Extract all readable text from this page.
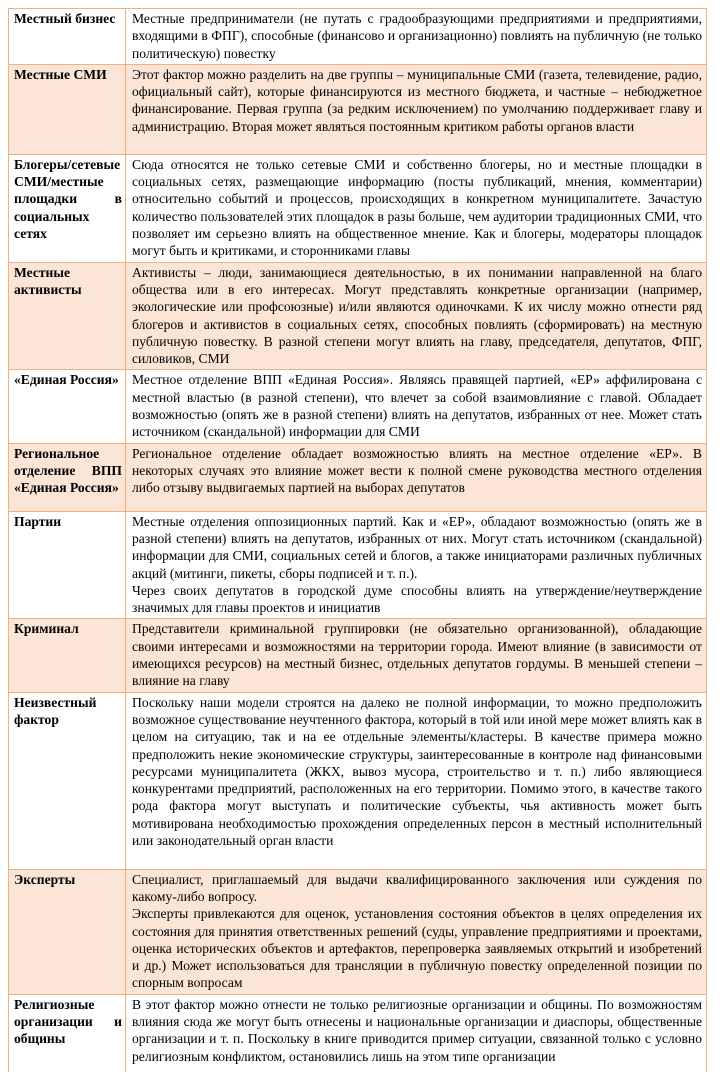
Местный бизнес	Местные предприниматели (не путать с градообразующими предприятиями и предприятиями, входящими в ФПГ), способные (финансово и организационно) повлиять на публичную (не только политическую) повестку

Местные СМИ	Этот фактор можно разделить на две группы – муниципальные СМИ (газета, телевидение, радио, официальный сайт), которые финансируются из местного бюджета, и частные – небюджетное финансирование. Первая группа (за редким исключением) по умолчанию поддерживает главу и администрацию. Вторая может являться постоянным критиком работы органов власти

Блогеры/сетевые СМИ/местные площадки в социальных сетях	Сюда относятся не только сетевые СМИ и собственно блогеры, но и местные площадки в социальных сетях, размещающие информацию (посты публикаций, мнения, комментарии) относительно событий и процессов, происходящих в конкретном муниципалитете. Зачастую количество пользователей этих площадок в разы больше, чем аудитории традиционных СМИ, что позволяет им серьезно влиять на общественное мнение. Как и блогеры, модераторы площадок могут быть и критиками, и сторонниками главы

Местные активисты	Активисты – люди, занимающиеся деятельностью, в их понимании направленной на благо общества или в его интересах. Могут представлять конкретные организации (например, экологические или профсоюзные) и/или являются одиночками. К их числу можно отнести ряд блогеров и активистов в социальных сетях, способных повлиять (сформировать) на местную публичную повестку. В разной степени могут влиять на главу, председателя, депутатов, ФПГ, силовиков, СМИ

«Единая Россия»	Местное отделение ВПП «Единая Россия». Являясь правящей партией, «ЕР» аффилирована с местной властью (в разной степени), что влечет за собой взаимовлияние с главой. Обладает возможностью (опять же в разной степени) влиять на депутатов, избранных от нее. Может стать источником (скандальной) информации для СМИ

Региональное отделение ВПП «Единая Россия»	Региональное отделение обладает возможностью влиять на местное отделение «ЕР». В некоторых случаях это влияние может вести к полной смене руководства местного отделения либо отзыву выдвигаемых партией на выборах депутатов

Партии	Местные отделения оппозиционных партий. Как и «ЕР», обладают возможностью (опять же в разной степени) влиять на депутатов, избранных от них. Могут стать источником (скандальной) информации для СМИ, социальных сетей и блогов, а также инициаторами различных публичных акций (митинги, пикеты, сборы подписей и т. п.).
Через своих депутатов в городской думе способны влиять на утверждение/неутверждение значимых для главы проектов и инициатив

Криминал	Представители криминальной группировки (не обязательно организованной), обладающие своими интересами и возможностями на территории города. Имеют влияние (в зависимости от имеющихся ресурсов) на местный бизнес, отдельных депутатов гордумы. В меньшей степени – влияние на главу

Неизвестный фактор	Поскольку наши модели строятся на далеко не полной информации, то можно предположить возможное существование неучтенного фактора, который в той или иной мере может влиять как в целом на ситуацию, так и на ее отдельные элементы/кластеры. В качестве примера можно предположить некие экономические структуры, заинтересованные в контроле над финансовыми ресурсами муниципалитета (ЖКХ, вывоз мусора, строительство и т. п.) либо являющиеся конкурентами предприятий, расположенных на его территории. Помимо этого, в качестве такого рода фактора могут выступать и политические субъекты, чья активность может быть мотивирована необходимостью прохождения определенных персон в местный исполнительный или законодательный орган власти

Эксперты	Специалист, приглашаемый для выдачи квалифицированного заключения или суждения по какому-либо вопросу.
Эксперты привлекаются для оценок, установления состояния объектов в целях определения их состояния для принятия ответственных решений (суды, управление предприятиями и проектами, оценка исторических объектов и артефактов, перепроверка заявляемых открытий и изобретений и др.) Может использоваться для трансляции в публичную повестку определенной позиции по спорным вопросам

Религиозные организации и общины	В этот фактор можно отнести не только религиозные организации и общины. По возможностям влияния сюда же могут быть отнесены и национальные организации и диаспоры, общественные организации и т. п. Поскольку в книге приводится пример ситуации, связанной только с условно религиозным конфликтом, остановились лишь на этом типе организации
